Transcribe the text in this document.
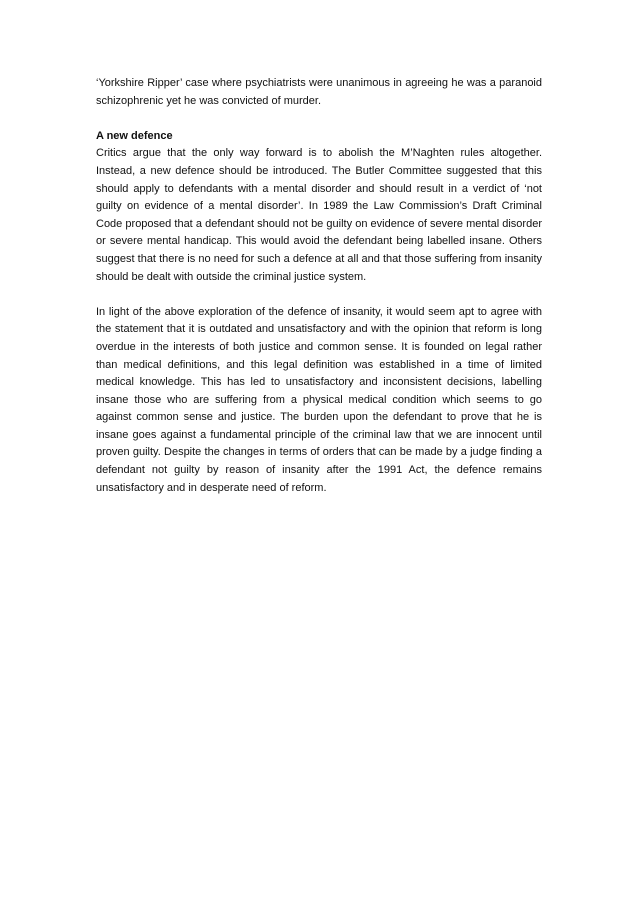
‘Yorkshire Ripper’ case where psychiatrists were unanimous in agreeing he was a paranoid schizophrenic yet he was convicted of murder.

A new defence

Critics argue that the only way forward is to abolish the M’Naghten rules altogether. Instead, a new defence should be introduced. The Butler Committee suggested that this should apply to defendants with a mental disorder and should result in a verdict of ‘not guilty on evidence of a mental disorder’. In 1989 the Law Commission’s Draft Criminal Code proposed that a defendant should not be guilty on evidence of severe mental disorder or severe mental handicap. This would avoid the defendant being labelled insane. Others suggest that there is no need for such a defence at all and that those suffering from insanity should be dealt with outside the criminal justice system.

In light of the above exploration of the defence of insanity, it would seem apt to agree with the statement that it is outdated and unsatisfactory and with the opinion that reform is long overdue in the interests of both justice and common sense. It is founded on legal rather than medical definitions, and this legal definition was established in a time of limited medical knowledge. This has led to unsatisfactory and inconsistent decisions, labelling insane those who are suffering from a physical medical condition which seems to go against common sense and justice. The burden upon the defendant to prove that he is insane goes against a fundamental principle of the criminal law that we are innocent until proven guilty. Despite the changes in terms of orders that can be made by a judge finding a defendant not guilty by reason of insanity after the 1991 Act, the defence remains unsatisfactory and in desperate need of reform.
